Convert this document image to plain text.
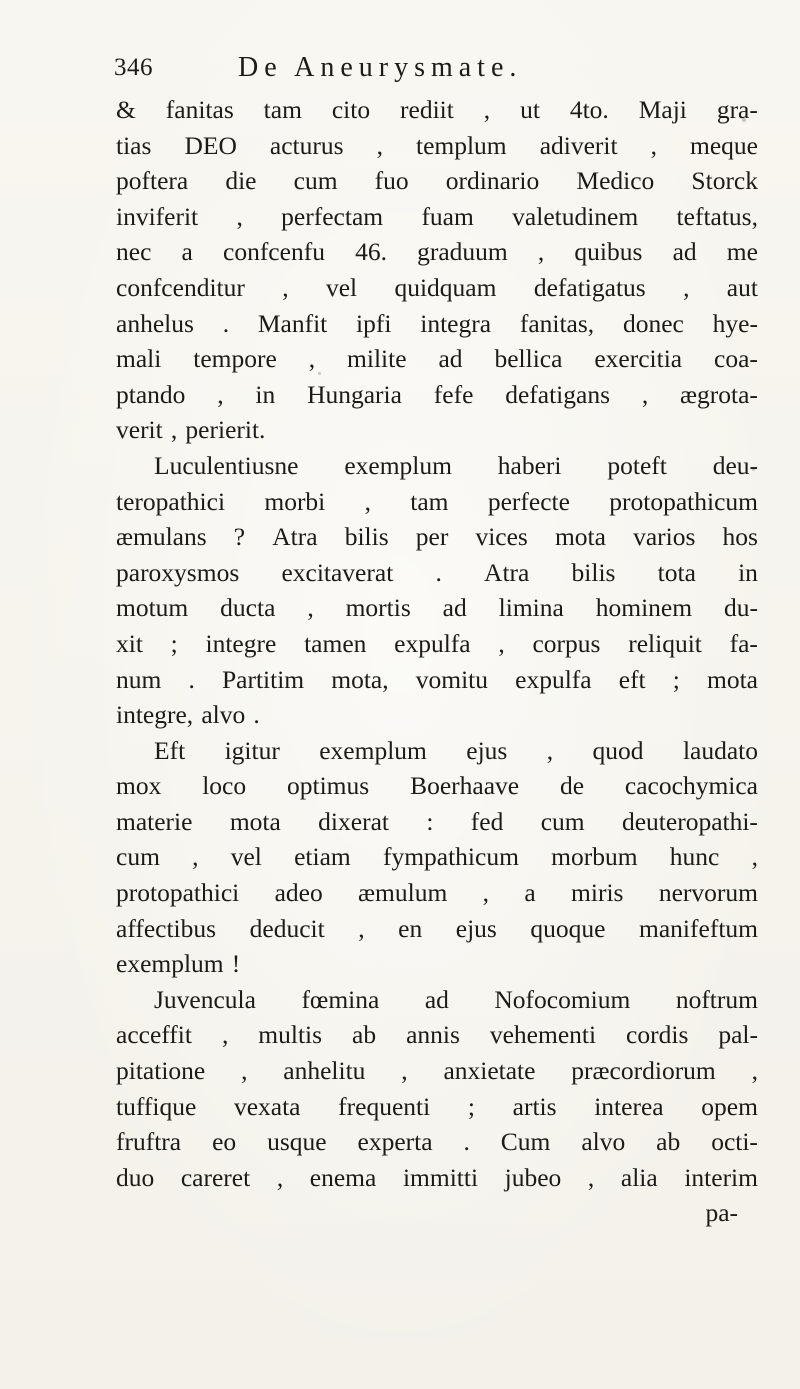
346	De Aneurysmate.
& fanitas tam cito rediit , ut 4to. Maji gra-
tias DEO acturus , templum adiverit , meque
poftera die cum fuo ordinario Medico Storck
inviferit , perfectam fuam valetudinem teftatus,
nec a confcenfu 46. graduum , quibus ad me
confcenditur , vel quidquam defatigatus , aut
anhelus . Manfit ipfi integra fanitas, donec hye-
mali tempore , milite ad bellica exercitia coa-
ptando , in Hungaria fefe defatigans , ægrota-
verit , perierit.
Luculentiusne exemplum haberi poteft deu-
teropathici morbi , tam perfecte protopathicum
æmulans ? Atra bilis per vices mota varios hos
paroxysmos excitaverat . Atra bilis tota in
motum ducta , mortis ad limina hominem du-
xit ; integre tamen expulfa , corpus reliquit fa-
num . Partitim mota, vomitu expulfa eft ; mota
integre, alvo .
Eft igitur exemplum ejus , quod laudato
mox loco optimus Boerhaave de cacochymica
materie mota dixerat : fed cum deuteropathi-
cum , vel etiam fympathicum morbum hunc ,
protopathici adeo æmulum , a miris nervorum
affectibus deducit , en ejus quoque manifeftum
exemplum !
Juvencula fœmina ad Nofocomium noftrum
acceffit , multis ab annis vehementi cordis pal-
pitatione , anhelitu , anxietate præcordiorum ,
tuffique vexata frequenti ; artis interea opem
fruftra eo usque experta . Cum alvo ab octi-
duo careret , enema immitti jubeo , alia interim
pa-
